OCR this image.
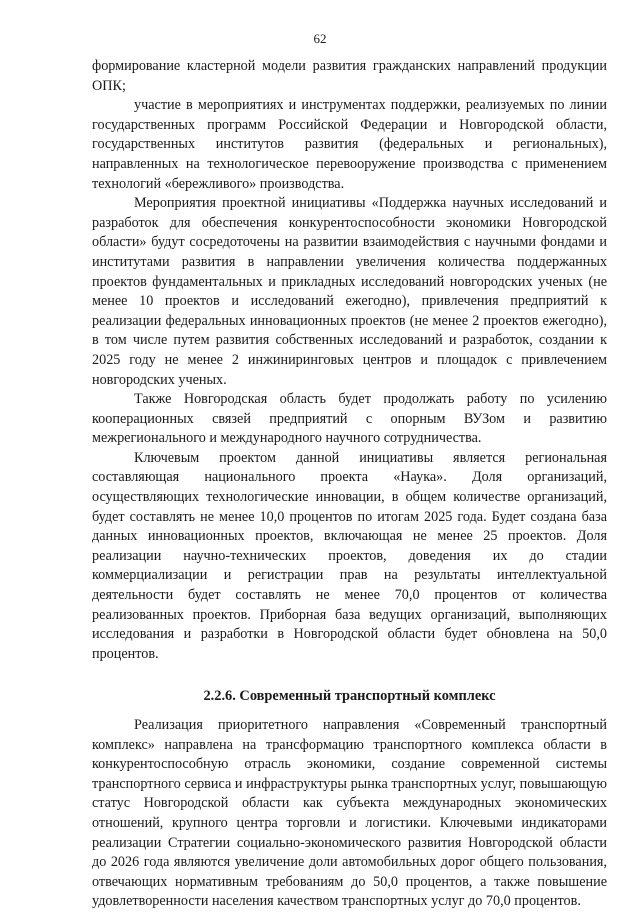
62

формирование кластерной модели развития гражданских направлений продукции ОПК;

участие в мероприятиях и инструментах поддержки, реализуемых по линии государственных программ Российской Федерации и Новгородской области, государственных институтов развития (федеральных и региональных), направленных на технологическое перевооружение производства с применением технологий «бережливого» производства.

Мероприятия проектной инициативы «Поддержка научных исследований и разработок для обеспечения конкурентоспособности экономики Новгородской области» будут сосредоточены на развитии взаимодействия с научными фондами и институтами развития в направлении увеличения количества поддержанных проектов фундаментальных и прикладных исследований новгородских ученых (не менее 10 проектов и исследований ежегодно), привлечения предприятий к реализации федеральных инновационных проектов (не менее 2 проектов ежегодно), в том числе путем развития собственных исследований и разработок, создании к 2025 году не менее 2 инжиниринговых центров и площадок с привлечением новгородских ученых.

Также Новгородская область будет продолжать работу по усилению кооперационных связей предприятий с опорным ВУЗом и развитию межрегионального и международного научного сотрудничества.

Ключевым проектом данной инициативы является региональная составляющая национального проекта «Наука». Доля организаций, осуществляющих технологические инновации, в общем количестве организаций, будет составлять не менее 10,0 процентов по итогам 2025 года. Будет создана база данных инновационных проектов, включающая не менее 25 проектов. Доля реализации научно-технических проектов, доведения их до стадии коммерциализации и регистрации прав на результаты интеллектуальной деятельности будет составлять не менее 70,0 процентов от количества реализованных проектов. Приборная база ведущих организаций, выполняющих исследования и разработки в Новгородской области будет обновлена на 50,0 процентов.

2.2.6. Современный транспортный комплекс

Реализация приоритетного направления «Современный транспортный комплекс» направлена на трансформацию транспортного комплекса области в конкурентоспособную отрасль экономики, создание современной системы транспортного сервиса и инфраструктуры рынка транспортных услуг, повышающую статус Новгородской области как субъекта международных экономических отношений, крупного центра торговли и логистики. Ключевыми индикаторами реализации Стратегии социально-экономического развития Новгородской области до 2026 года являются увеличение доли автомобильных дорог общего пользования, отвечающих нормативным требованиям до 50,0 процентов, а также повышение удовлетворенности населения качеством транспортных услуг до 70,0 процентов.
